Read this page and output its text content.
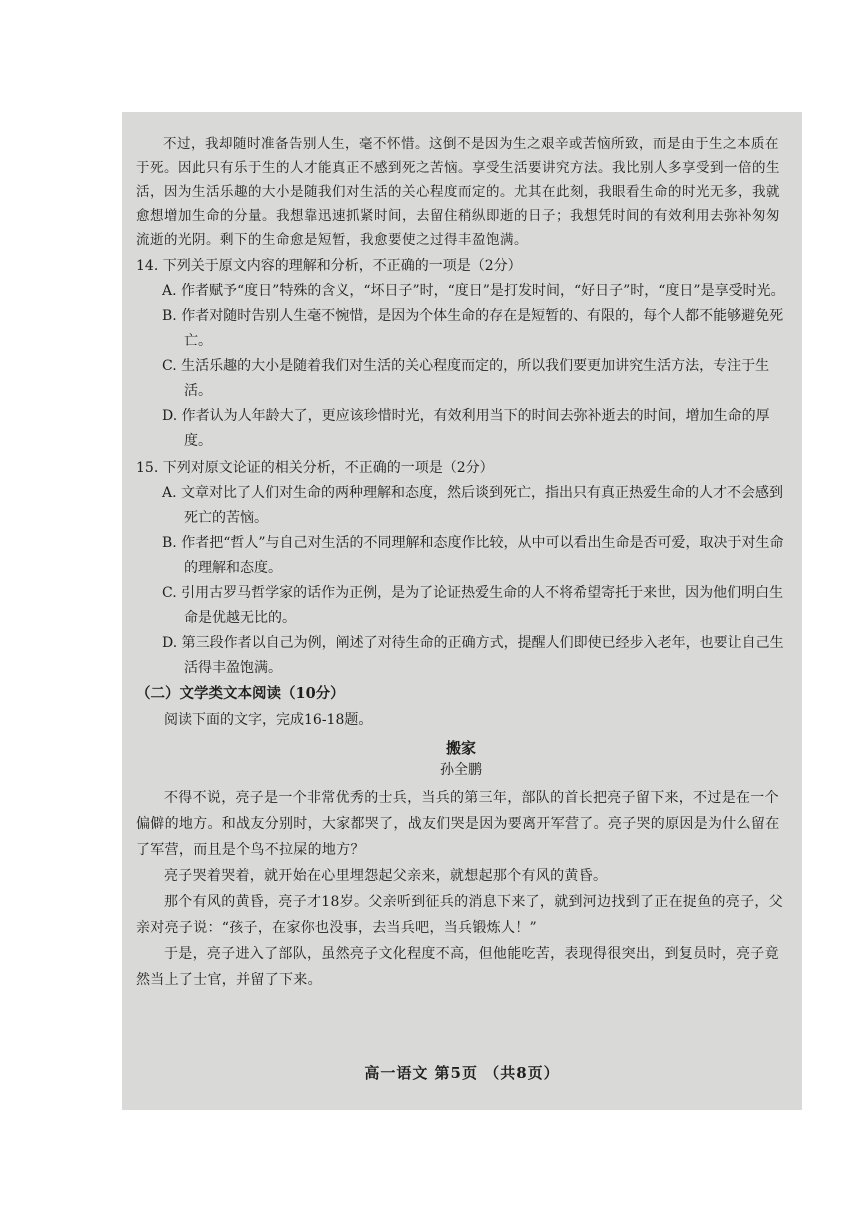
不过，我却随时准备告别人生，毫不怀惜。这倒不是因为生之艰辛或苦恼所致，而是由于生之本质在于死。因此只有乐于生的人才能真正不感到死之苦恼。享受生活要讲究方法。我比别人多享受到一倍的生活，因为生活乐趣的大小是随我们对生活的关心程度而定的。尤其在此刻，我眼看生命的时光无多，我就愈想增加生命的分量。我想靠迅速抓紧时间，去留住稍纵即逝的日子；我想凭时间的有效利用去弥补匆匆流逝的光阴。剩下的生命愈是短暂，我愈要使之过得丰盈饱满。

14. 下列关于原文内容的理解和分析，不正确的一项是（2分）

A. 作者赋予“度日”特殊的含义，“坏日子”时，“度日”是打发时间，“好日子”时，“度日”是享受时光。

B. 作者对随时告别人生毫不惋惜，是因为个体生命的存在是短暂的、有限的，每个人都不能够避免死亡。

C. 生活乐趣的大小是随着我们对生活的关心程度而定的，所以我们要更加讲究生活方法，专注于生活。

D. 作者认为人年龄大了，更应该珍惜时光，有效利用当下的时间去弥补逝去的时间，增加生命的厚度。

15. 下列对原文论证的相关分析，不正确的一项是（2分）

A. 文章对比了人们对生命的两种理解和态度，然后谈到死亡，指出只有真正热爱生命的人才不会感到死亡的苦恼。

B. 作者把“哲人”与自己对生活的不同理解和态度作比较，从中可以看出生命是否可爱，取决于对生命的理解和态度。

C. 引用古罗马哲学家的话作为正例，是为了论证热爱生命的人不将希望寄托于来世，因为他们明白生命是优越无比的。

D. 第三段作者以自己为例，阐述了对待生命的正确方式，提醒人们即使已经步入老年，也要让自己生活得丰盈饱满。

（二）文学类文本阅读（10分）

阅读下面的文字，完成16-18题。

搬家

孙全鹏

不得不说，亮子是一个非常优秀的士兵，当兵的第三年，部队的首长把亮子留下来，不过是在一个偏僻的地方。和战友分别时，大家都哭了，战友们哭是因为要离开军营了。亮子哭的原因是为什么留在了军营，而且是个鸟不拉屎的地方？

亮子哭着哭着，就开始在心里埋怨起父亲来，就想起那个有风的黄昏。

那个有风的黄昏，亮子才18岁。父亲听到征兵的消息下来了，就到河边找到了正在捉鱼的亮子，父亲对亮子说：“孩子，在家你也没事，去当兵吧，当兵锻炼人！”

于是，亮子进入了部队，虽然亮子文化程度不高，但他能吃苦，表现得很突出，到复员时，亮子竟然当上了士官，并留了下来。

高一语文 第5页 （共8页）
